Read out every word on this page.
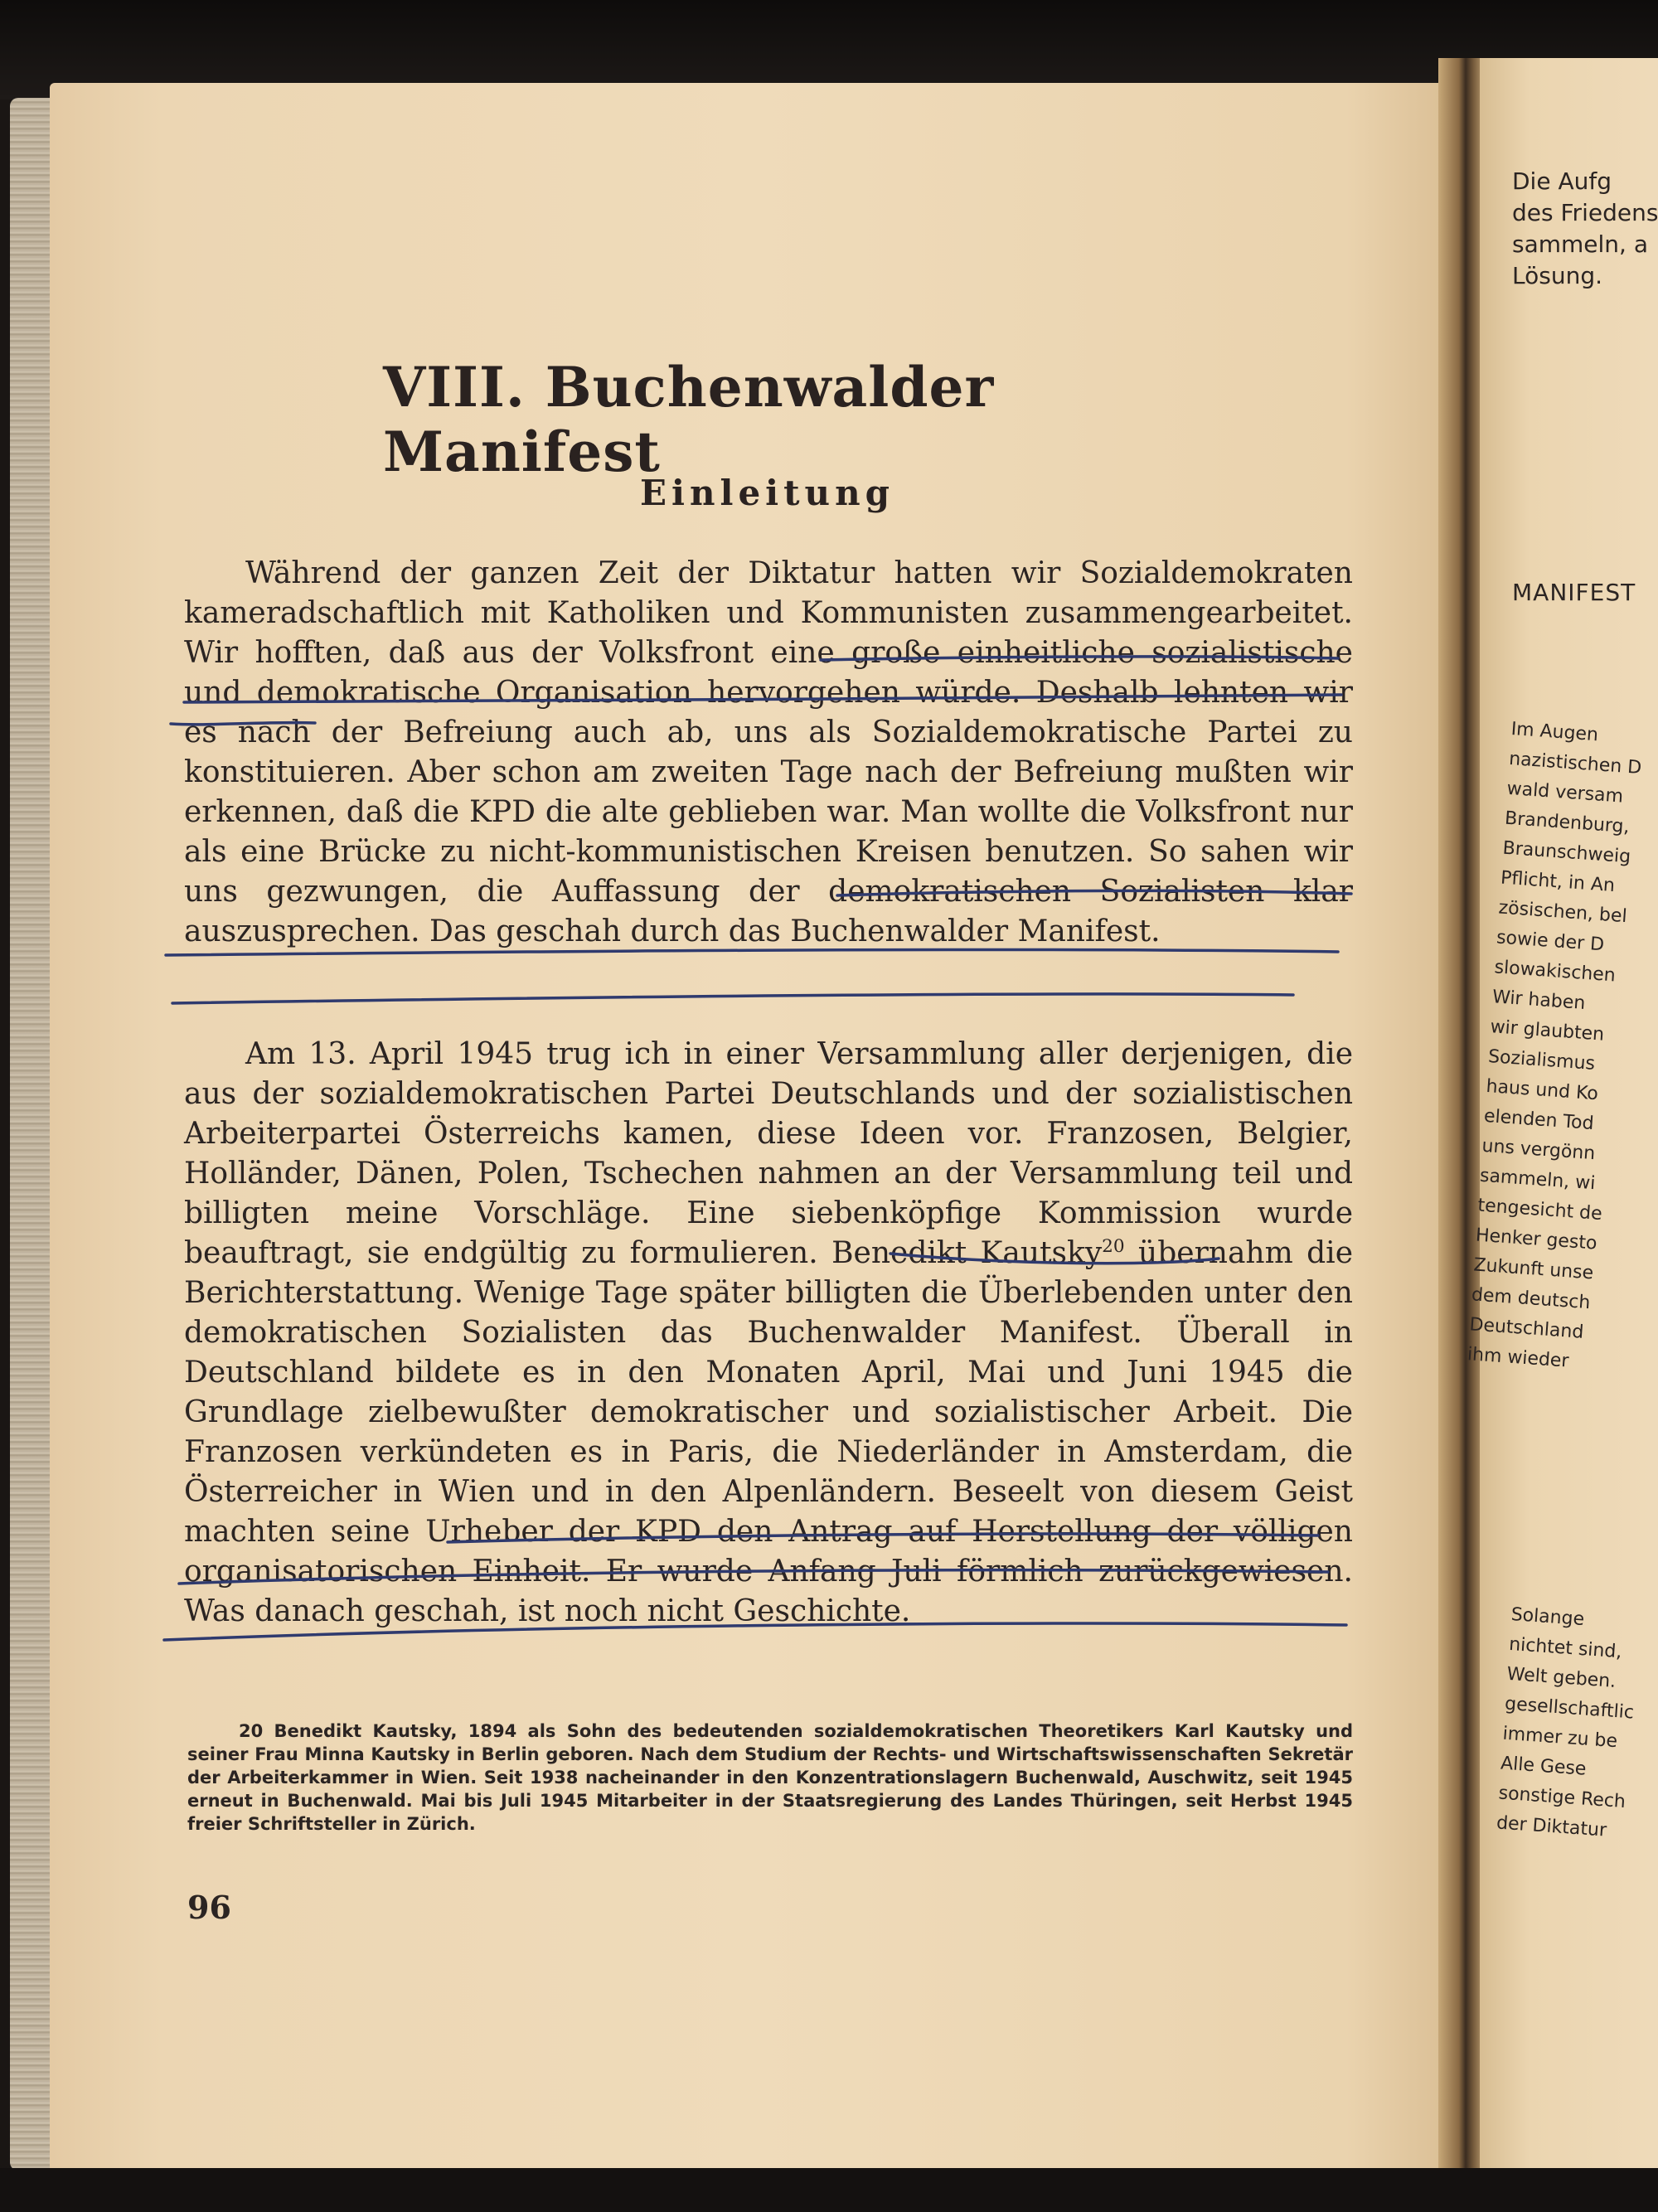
VIII. Buchenwalder Manifest
Einleitung

Während der ganzen Zeit der Diktatur hatten wir Sozialdemokraten kameradschaftlich mit Katholiken und Kommunisten zusammengearbeitet. Wir hofften, daß aus der Volksfront eine große einheitliche sozialistische und demokratische Organisation hervorgehen würde. Deshalb lehnten wir es nach der Befreiung auch ab, uns als Sozialdemokratische Partei zu konstituieren. Aber schon am zweiten Tage nach der Befreiung mußten wir erkennen, daß die KPD die alte geblieben war. Man wollte die Volksfront nur als eine Brücke zu nicht-kommunistischen Kreisen benutzen. So sahen wir uns gezwungen, die Auffassung der demokratischen Sozialisten klar auszusprechen. Das geschah durch das Buchenwalder Manifest.

Am 13. April 1945 trug ich in einer Versammlung aller derjenigen, die aus der sozialdemokratischen Partei Deutschlands und der sozialistischen Arbeiterpartei Österreichs kamen, diese Ideen vor. Franzosen, Belgier, Holländer, Dänen, Polen, Tschechen nahmen an der Versammlung teil und billigten meine Vorschläge. Eine siebenköpfige Kommission wurde beauftragt, sie endgültig zu formulieren. Benedikt Kautsky$^{20}$ übernahm die Berichterstattung. Wenige Tage später billigten die Überlebenden unter den demokratischen Sozialisten das Buchenwalder Manifest. Überall in Deutschland bildete es in den Monaten April, Mai und Juni 1945 die Grundlage zielbewußter demokratischer und sozialistischer Arbeit. Die Franzosen verkündeten es in Paris, die Niederländer in Amsterdam, die Österreicher in Wien und in den Alpenländern. Beseelt von diesem Geist machten seine Urheber der KPD den Antrag auf Herstellung der völligen organisatorischen Einheit. Er wurde Anfang Juli förmlich zurückgewiesen. Was danach geschah, ist noch nicht Geschichte.

20 Benedikt Kautsky, 1894 als Sohn des bedeutenden sozialdemokratischen Theoretikers Karl Kautsky und seiner Frau Minna Kautsky in Berlin geboren. Nach dem Studium der Rechts- und Wirtschaftswissenschaften Sekretär der Arbeiterkammer in Wien. Seit 1938 nacheinander in den Konzentrationslagern Buchenwald, Auschwitz, seit 1945 erneut in Buchenwald. Mai bis Juli 1945 Mitarbeiter in der Staatsregierung des Landes Thüringen, seit Herbst 1945 freier Schriftsteller in Zürich.

96
Die Aufg
des Friedens
sammeln, a
Lösung.
MANIFEST
Im Augen
nazistischen D
wald versam
Brandenburg,
Braunschweig
Pflicht, in An
zösischen, bel
sowie der D
slowakischen
Wir haben
wir glaubten
Sozialismus
haus und Ko
elenden Tod
uns vergönn
sammeln, wi
tengesicht de
Henker gesto
Zukunft unse
dem deutsch
Deutschland
ihm wieder
Solange
nichtet sind,
Welt geben.
gesellschaftlic
immer zu be
Alle Gese
sonstige Rech
der Diktatur
